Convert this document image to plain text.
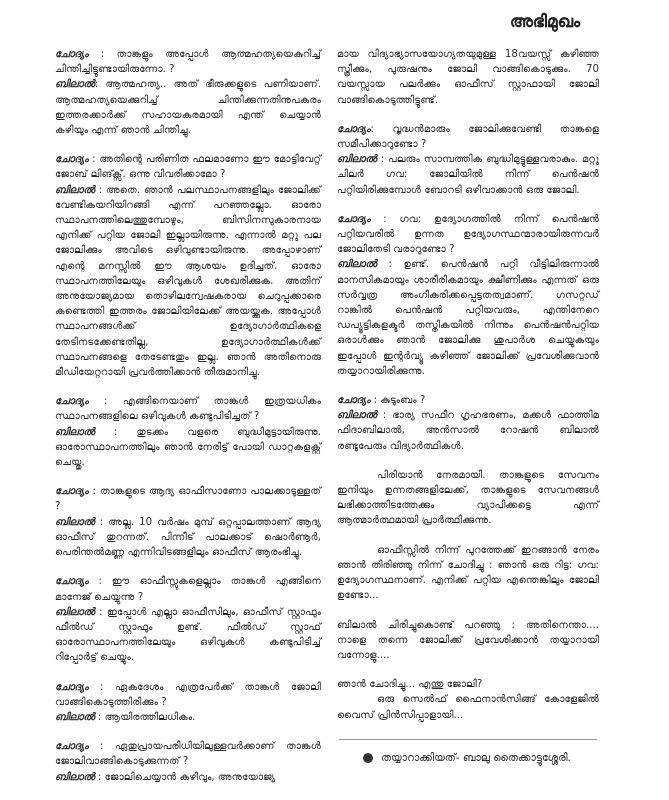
അഭിമുഖം

ചോദ്യം : താങ്കളും അപ്പോൾ ആത്മഹത്യയെകുറിച്ച് ചിന്തിച്ചിട്ടുണ്ടായിരുന്നോ. ?

ബിലാൽ: ആത്മഹത്യ.. അത് ഭീരുക്കളുടെ പണിയാണ്. ആത്മഹത്യയെക്കുറിച്ച് ചിന്തിക്കുന്നതിനുപകരം ഇത്തരക്കാർക്ക് സഹായകരമായി എന്ത് ചെയ്യാൻ കഴിയും എന്ന് ഞാൻ ചിന്തിച്ചു.

ചോദ്യം : അതിന്റെ പരിണിത ഫലമാണോ ഈ മോട്ടിവേറ്റ് ജോബ് ലിങ്ക്സ്. ഒന്നു വിവരിക്കാമോ ?

ബിലാൽ : അതെ. ഞാൻ പലസ്ഥാപനങ്ങളിലും ജോലിക്ക് വേണ്ടികയറിയിറങ്ങി എന്ന് പറഞ്ഞല്ലോ. ഓരോ സ്ഥാപനത്തിലെത്തുമ്പോഴും, ബിസിനസുകാരനായ എനിക്ക് പറ്റിയ ജോലി ഇല്ലായിരുന്നു. എന്നാൽ മറ്റു പല ജോലിക്കും അവിടെ ഒഴിവുണ്ടായിരുന്നു. അപ്പോഴാണ് എന്റെ മനസ്സിൽ ഈ ആശയം ഉദിച്ചത്. ഓരോ സ്ഥാപനത്തിലേയും ഒഴിവുകൾ ശേഖരിക്കുക. അതിന് അനുയോജ്യമായ തൊഴിലന്വേഷകരായ ചെറുപ്പക്കാരെ കണ്ടെത്തി ഇത്തരം ജോലിയിലേക്ക് അയയ്ക്കുക. അപ്പോൾ സ്ഥാപനങ്ങൾക്ക് ഉദ്യോഗാർത്ഥികളെ തേടിനടക്കേണ്ടതില്ല, ഉദ്യോഗാർത്ഥികൾക്ക് സ്ഥാപനങ്ങളെ തേടേണ്ടതും ഇല്ല. ഞാൻ അതിനൊരു മീഡിയേറ്ററായി പ്രവർത്തിക്കാൻ തീരുമാനിച്ചു.

ചോദ്യം : എങ്ങിനെയാണ് താങ്കൾ ഇത്രയധികം സ്ഥാപനങ്ങളിലെ ഒഴിവുകൾ കണ്ടുപിടിച്ചത് ?

ബിലാൽ : തുടക്കം വളരെ ബുദ്ധിമുട്ടായിരുന്നു. ഓരോസ്ഥാപനത്തിലും ഞാൻ നേരിട്ട് പോയി ഡാറ്റകളക്റ്റ് ചെയ്തു.

ചോദ്യം : താങ്കളുടെ ആദ്യ ഓഫീസാണോ പാലക്കാടുള്ളത് ?

ബിലാൽ : അല്ല. 10 വർഷം മുമ്പ് ഒറ്റപ്പാലത്താണ് ആദ്യ ഓഫീസ് തുറന്നത്. പിന്നീട് പാലക്കാട് ഷൊർണൂർ, പെരിന്തൽമണ്ണ എന്നിവിടങ്ങളിലും ഓഫീസ് ആരംഭിച്ചു.

ചോദ്യം : ഈ ഓഫീസ്സുകളെല്ലാം താങ്കൾ എങ്ങിനെ മാനേജ് ചെയ്യുന്നു ?

ബിലാൽ : ഇപ്പോൾ എല്ലാ ഓഫീസിലും, ഓഫീസ് സ്റ്റാഫും ഫീൽഡ് സ്റ്റാഫും ഉണ്ട്. ഫീൽഡ് സ്റ്റാഫ് ഓരോസ്ഥാപനത്തിലേയും ഒഴിവുകൾ കണ്ടുപിടിച്ച് റിപ്പോർട്ട് ചെയ്യും.

ചോദ്യം : ഏകദേശം എത്രപേർക്ക് താങ്കൾ ജോലി വാങ്ങികൊടുത്തിരിക്കും ?

ബിലാൽ : ആയിരത്തിലധികം.

ചോദ്യം : ഏതുപ്രായപരിധിയിലുള്ളവർക്കാണ് താങ്കൾ ജോലിവാങ്ങികൊടുക്കുന്നത് ?

ബിലാൽ : ജോലിചെയ്യാൻ കഴിവും, അനുയോജ്യ

മായ വിദ്യാഭ്യാസയോഗ്യതയുമുള്ള 18വയസ്സ് കഴിഞ്ഞ സ്ത്രീക്കും, പുരുഷനും ജോലി വാങ്ങികൊടുക്കും. 70 വയസ്സായ പലർക്കും ഓഫീസ് സ്റ്റാഫായി ജോലി വാങ്ങികൊടുത്തിട്ടുണ്ട്.

ചോദ്യം: വൃദ്ധൻമാരും ജോലിക്കുവേണ്ടി താങ്കളെ സമീപിക്കാറുണ്ടോ ?

ബിലാൽ : പലരും സാമ്പത്തിക ബുദ്ധിമുട്ടുള്ളവരാകും. മറ്റു ചിലർ ഗവ: ജോലിയിൽ നിന്ന് പെൻഷൻ പറ്റിയിരിക്കുമ്പോൾ ബോറടി ഒഴിവാക്കാൻ ഒരു ജോലി.

ചോദ്യം : ഗവ: ഉദ്യോഗത്തിൽ നിന്ന് പെൻഷൻ പറ്റിയവരിൽ ഉന്നത ഉദ്യോഗസ്ഥന്മാരായിരുന്നവർ ജോലിതേടി വരാറുണ്ടോ ?

ബിലാൽ : ഉണ്ട്. പെൻഷൻ പറ്റി വീട്ടിലിരുന്നാൽ മാനസികമായും ശാരീരികമായും ക്ഷീണിക്കും എന്നത് ഒരു സർവ്വത്ര അംഗീകരിക്കപ്പെട്ടതത്വമാണ്. ഗസറ്റഡ് റാങ്കിൽ പെൻഷൻ പറ്റിയവരും, എന്തിനേറെ ഡപ്യൂട്ടികളക്ടർ തസ്തികയിൽ നിന്നും പെൻഷൻപറ്റിയ ഒരാൾക്കും ഞാൻ ജോലിക്കു ശുപാർശ ചെയ്യുകയും ഇപ്പോൾ ഇന്റർവ്യൂ കഴിഞ്ഞ് ജോലിക്ക് പ്രവേശിക്കുവാൻ തയ്യാറായിരിക്കുന്നു.

ചോദ്യം : കുടുംബം ?

ബിലാൽ : ഭാര്യ സഫീറ ഗൃഹഭരണം, മക്കൾ ഫാത്തിമ ഫിദാബിലാൽ, അൻസാൽ റോഷൻ ബിലാൽ രണ്ടുപേരും വിദ്യാർത്ഥികൾ.

പിരിയാൻ നേരമായി. താങ്കളുടെ സേവനം ഇനിയും ഉന്നതങ്ങളിലേക്ക്, താങ്കളുടെ സേവനങ്ങൾ ലഭിക്കാത്തിടത്തേക്കും വ്യാപിക്കട്ടെ എന്ന് ആത്മാർത്ഥമായി പ്രാർത്ഥിക്കുന്നു.

ഓഫീസ്സിൽ നിന്ന് പുറത്തേക്ക് ഇറങ്ങാൻ നേരം ഞാൻ തിരിഞ്ഞു നിന്ന് ചോദിച്ചു : ഞാൻ ഒരു റിട്ട: ഗവ: ഉദ്യോഗസ്ഥനാണ്. എനിക്ക് പറ്റിയ എന്തെങ്കിലും ജോലി ഉണ്ടോ...

ബിലാൽ ചിരിച്ചുകൊണ്ട് പറഞ്ഞു : അതിനെന്താ.... നാളെ തന്നെ ജോലിക്ക് പ്രവേശിക്കാൻ തയ്യാറായി വന്നോളൂ....

ഞാൻ ചോദിച്ചു... എന്തു ജോലി?

ഒരു സെൽഫ് ഫൈനാൻസിങ്ങ് കോളേജിൽ വൈസ് പ്രിൻസിപ്പാളായി...

തയ്യാറാക്കിയത്- ബാലു തൈക്കാട്ടുശ്ശേരി.
